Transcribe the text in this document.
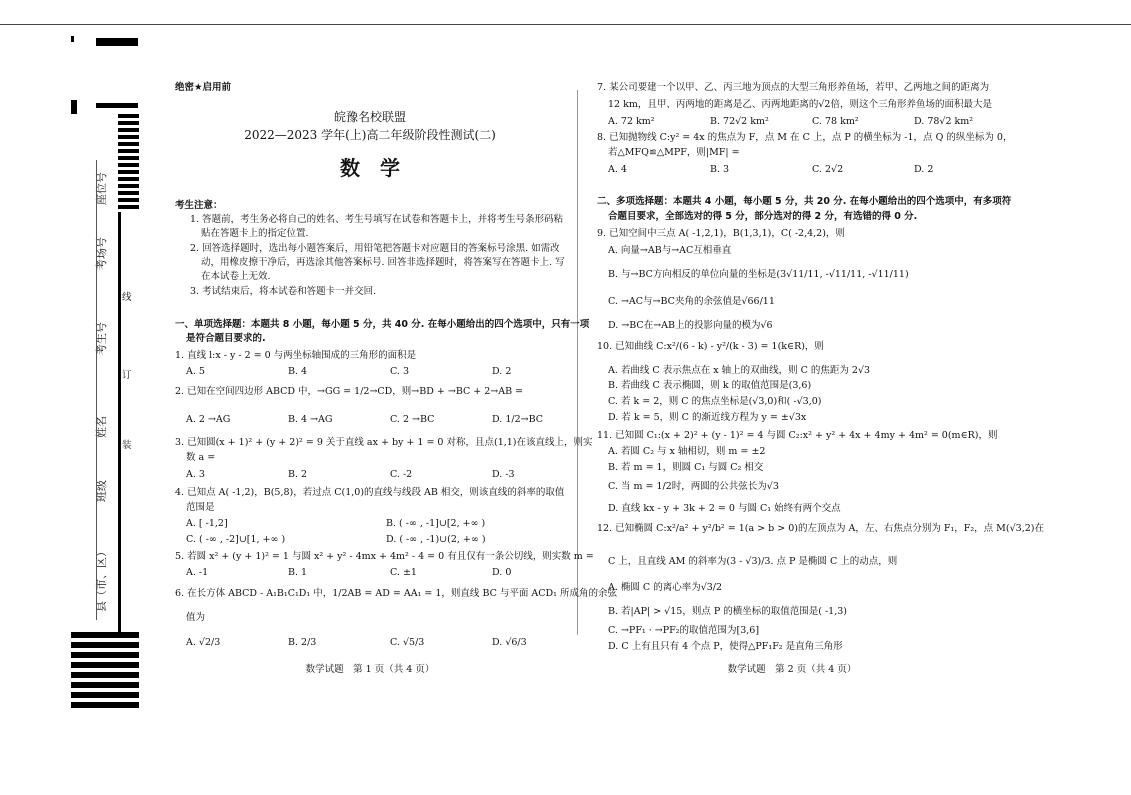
座位号
考场号
考生号
姓名
班级
县（市、区）
线
订
装
绝密★启用前
皖豫名校联盟
2022—2023 学年(上)高二年级阶段性测试(二)
数　学
考生注意：
1. 答题前，考生务必将自己的姓名、考生号填写在试卷和答题卡上，并将考生号条形码粘
贴在答题卡上的指定位置.
2. 回答选择题时，选出每小题答案后，用铅笔把答题卡对应题目的答案标号涂黑. 如需改
动，用橡皮擦干净后，再选涂其他答案标号. 回答非选择题时，将答案写在答题卡上. 写
在本试卷上无效.
3. 考试结束后，将本试卷和答题卡一并交回.
一、单项选择题：本题共 8 小题，每小题 5 分，共 40 分. 在每小题给出的四个选项中，只有一项
是符合题目要求的.
1. 直线 l:x - y - 2 = 0 与两坐标轴围成的三角形的面积是
A. 5	B. 4	C. 3	D. 2
2. 已知在空间四边形 ABCD 中，→GG = 1/2→CD，则→BD + →BC + 2→AB =
A. 2 →AG	B. 4 →AG	C. 2 →BC	D. 1/2→BC
3. 已知圆(x + 1)² + (y + 2)² = 9 关于直线 ax + by + 1 = 0 对称，且点(1,1)在该直线上，则实
数 a =
A. 3	B. 2	C. -2	D. -3
4. 已知点 A( -1,2)，B(5,8)，若过点 C(1,0)的直线与线段 AB 相交，则该直线的斜率的取值
范围是
A. [ -1,2]	B. ( -∞ , -1]∪[2, +∞ )
C. ( -∞ , -2]∪[1, +∞ )	D. ( -∞ , -1)∪(2, +∞ )
5. 若圆 x² + (y + 1)² = 1 与圆 x² + y² - 4mx + 4m² - 4 = 0 有且仅有一条公切线，则实数 m =
A. -1	B. 1	C. ±1	D. 0
6. 在长方体 ABCD - A₁B₁C₁D₁ 中，1/2AB = AD = AA₁ = 1，则直线 BC 与平面 ACD₁ 所成角的余弦
值为
A. √2/3	B. 2/3	C. √5/3	D. √6/3
数学试题　第 1 页（共 4 页）
7. 某公司要建一个以甲、乙、丙三地为顶点的大型三角形养鱼场，若甲、乙两地之间的距离为
12 km，且甲、丙两地的距离是乙、丙两地距离的√2倍，则这个三角形养鱼场的面积最大是
A. 72 km²	B. 72√2 km²	C. 78 km²	D. 78√2 km²
8. 已知抛物线 C:y² = 4x 的焦点为 F，点 M 在 C 上，点 P 的横坐标为 -1，点 Q 的纵坐标为 0，
若△MFQ≌△MPF，则|MF| =
A. 4	B. 3	C. 2√2	D. 2
二、多项选择题：本题共 4 小题，每小题 5 分，共 20 分. 在每小题给出的四个选项中，有多项符
合题目要求，全部选对的得 5 分，部分选对的得 2 分，有选错的得 0 分.
9. 已知空间中三点 A( -1,2,1)，B(1,3,1)，C( -2,4,2)，则
A. 向量→AB与→AC互相垂直
B. 与→BC方向相反的单位向量的坐标是(3√11/11, -√11/11, -√11/11)
C. →AC与→BC夹角的余弦值是√66/11
D. →BC在→AB上的投影向量的模为√6
10. 已知曲线 C:x²/(6 - k) - y²/(k - 3) = 1(k∈R)，则
A. 若曲线 C 表示焦点在 x 轴上的双曲线，则 C 的焦距为 2√3
B. 若曲线 C 表示椭圆，则 k 的取值范围是(3,6)
C. 若 k = 2，则 C 的焦点坐标是(√3,0)和( -√3,0)
D. 若 k = 5，则 C 的渐近线方程为 y = ±√3x
11. 已知圆 C₁:(x + 2)² + (y - 1)² = 4 与圆 C₂:x² + y² + 4x + 4my + 4m² = 0(m∈R)，则
A. 若圆 C₂ 与 x 轴相切，则 m = ±2
B. 若 m = 1，则圆 C₁ 与圆 C₂ 相交
C. 当 m = 1/2时，两圆的公共弦长为√3
D. 直线 kx - y + 3k + 2 = 0 与圆 C₁ 始终有两个交点
12. 已知椭圆 C:x²/a² + y²/b² = 1(a > b > 0)的左顶点为 A，左、右焦点分别为 F₁，F₂，点 M(√3,2)在
C 上，且直线 AM 的斜率为(3 - √3)/3. 点 P 是椭圆 C 上的动点，则
A. 椭圆 C 的离心率为√3/2
B. 若|AP| > √15，则点 P 的横坐标的取值范围是( -1,3)
C. →PF₁ · →PF₂的取值范围为[3,6]
D. C 上有且只有 4 个点 P，使得△PF₁F₂ 是直角三角形
数学试题　第 2 页（共 4 页）
